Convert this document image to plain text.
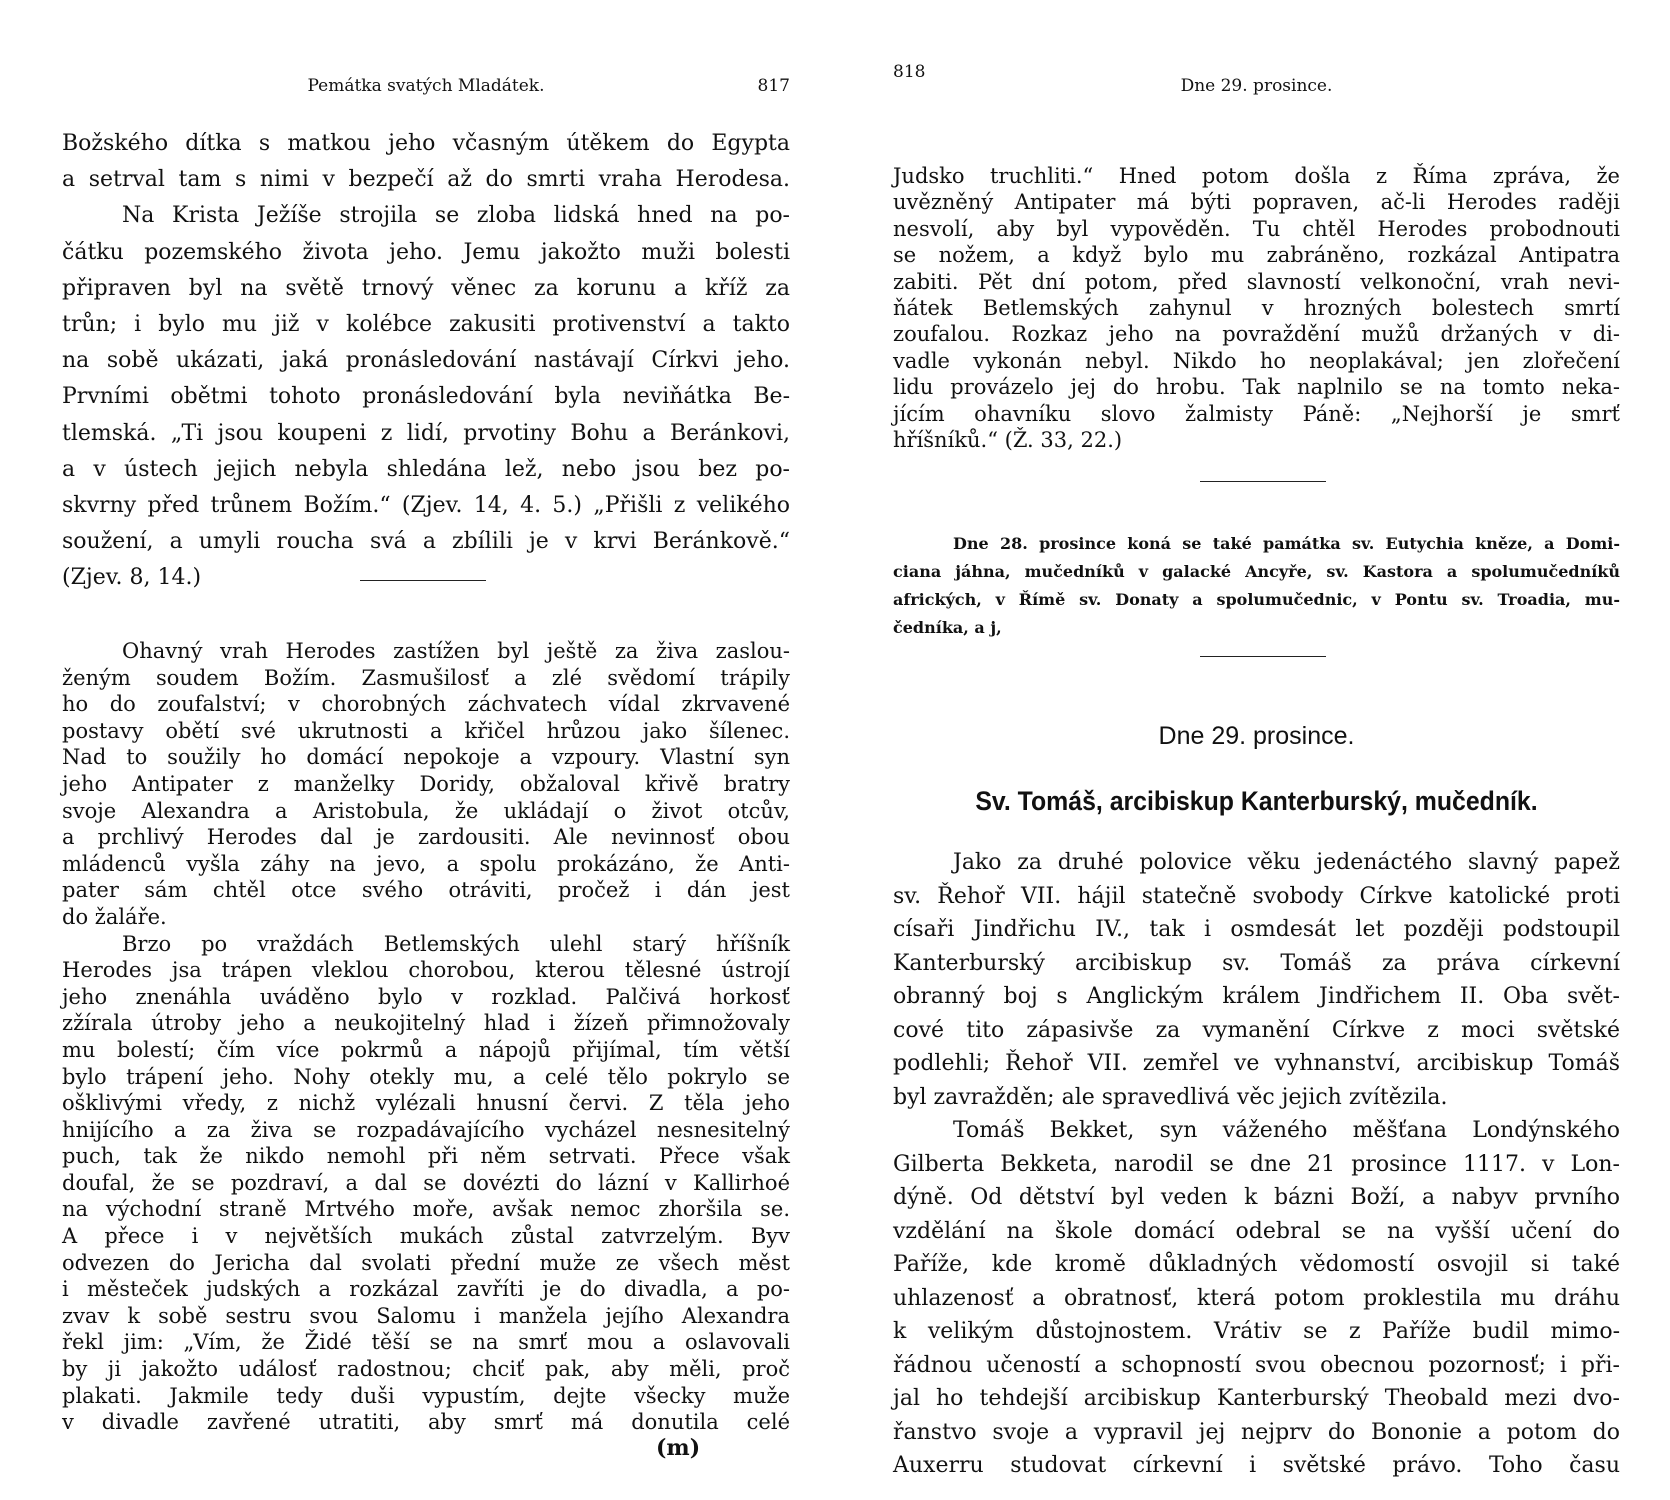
Pemátka svatých Mladátek.	817
Božského dítka s matkou jeho včasným útěkem do Egypta
a setrval tam s nimi v bezpečí až do smrti vraha Herodesa.
Na Krista Ježíše strojila se zloba lidská hned na po-
čátku pozemského života jeho. Jemu jakožto muži bolesti
připraven byl na světě trnový věnec za korunu a kříž za
trůn; i bylo mu již v kolébce zakusiti protivenství a takto
na sobě ukázati, jaká pronásledování nastávají Církvi jeho.
Prvními obětmi tohoto pronásledování byla neviňátka Be-
tlemská. „Ti jsou koupeni z lidí, prvotiny Bohu a Beránkovi,
a v ústech jejich nebyla shledána lež, nebo jsou bez po-
skvrny před trůnem Božím.“ (Zjev. 14, 4. 5.) „Přišli z velikého
soužení, a umyli roucha svá a zbílili je v krvi Beránkově.“
(Zjev. 8, 14.)
Ohavný vrah Herodes zastížen byl ještě za živa zaslou-
ženým soudem Božím. Zasmušilosť a zlé svědomí trápily
ho do zoufalství; v chorobných záchvatech vídal zkrvavené
postavy obětí své ukrutnosti a křičel hrůzou jako šílenec.
Nad to soužily ho domácí nepokoje a vzpoury. Vlastní syn
jeho Antipater z manželky Doridy, obžaloval křivě bratry
svoje Alexandra a Aristobula, že ukládají o život otcův,
a prchlivý Herodes dal je zardousiti. Ale nevinnosť obou
mládenců vyšla záhy na jevo, a spolu prokázáno, že Anti-
pater sám chtěl otce svého otráviti, pročež i dán jest
do žaláře.
Brzo po vraždách Betlemských ulehl starý hříšník
Herodes jsa trápen vleklou chorobou, kterou tělesné ústrojí
jeho znenáhla uváděno bylo v rozklad. Palčivá horkosť
zžírala útroby jeho a neukojitelný hlad i žízeň přimnožovaly
mu bolestí; čím více pokrmů a nápojů přijímal, tím větší
bylo trápení jeho. Nohy otekly mu, a celé tělo pokrylo se
ošklivými vředy, z nichž vylézali hnusní červi. Z těla jeho
hnijícího a za živa se rozpadávajícího vycházel nesnesitelný
puch, tak že nikdo nemohl při něm setrvati. Přece však
doufal, že se pozdraví, a dal se dovézti do lázní v Kallirhoé
na východní straně Mrtvého moře, avšak nemoc zhoršila se.
A přece i v největších mukách zůstal zatvrzelým. Byv
odvezen do Jericha dal svolati přední muže ze všech měst
i městeček judských a rozkázal zavříti je do divadla, a po-
zvav k sobě sestru svou Salomu i manžela jejího Alexandra
řekl jim: „Vím, že Židé těší se na smrť mou a oslavovali
by ji jakožto událosť radostnou; chciť pak, aby měli, proč
plakati. Jakmile tedy duši vypustím, dejte všecky muže
v divadle zavřené utratiti, aby smrť má donutila celé
(m)
818
Dne 29. prosince.
Judsko truchliti.“ Hned potom došla z Říma zpráva, že
uvězněný Antipater má býti popraven, ač-li Herodes raději
nesvolí, aby byl vypověděn. Tu chtěl Herodes probodnouti
se nožem, a když bylo mu zabráněno, rozkázal Antipatra
zabiti. Pět dní potom, před slavností velkonoční, vrah nevi-
ňátek Betlemských zahynul v hrozných bolestech smrtí
zoufalou. Rozkaz jeho na povraždění mužů držaných v di-
vadle vykonán nebyl. Nikdo ho neoplakával; jen zlořečení
lidu provázelo jej do hrobu. Tak naplnilo se na tomto neka-
jícím ohavníku slovo žalmisty Páně: „Nejhorší je smrť
hříšníků.“ (Ž. 33, 22.)
Dne 28. prosince koná se také památka sv. Eutychia kněze, a Domi-
ciana jáhna, mučedníků v galacké Ancyře, sv. Kastora a spolumučedníků
afrických, v Římě sv. Donaty a spolumučednic, v Pontu sv. Troadia, mu-
čedníka, a j,
Dne 29. prosince.
Sv. Tomáš, arcibiskup Kanterburský, mučedník.
Jako za druhé polovice věku jedenáctého slavný papež
sv. Řehoř VII. hájil statečně svobody Církve katolické proti
císaři Jindřichu IV., tak i osmdesát let později podstoupil
Kanterburský arcibiskup sv. Tomáš za práva církevní
obranný boj s Anglickým králem Jindřichem II. Oba svět-
cové tito zápasivše za vymanění Církve z moci světské
podlehli; Řehoř VII. zemřel ve vyhnanství, arcibiskup Tomáš
byl zavražděn; ale spravedlivá věc jejich zvítězila.
Tomáš Bekket, syn váženého měšťana Londýnského
Gilberta Bekketa, narodil se dne 21 prosince 1117. v Lon-
dýně. Od dětství byl veden k bázni Boží, a nabyv prvního
vzdělání na škole domácí odebral se na vyšší učení do
Paříže, kde kromě důkladných vědomostí osvojil si také
uhlazenosť a obratnosť, která potom proklestila mu dráhu
k velikým důstojnostem. Vrátiv se z Paříže budil mimo-
řádnou učeností a schopností svou obecnou pozornosť; i při-
jal ho tehdejší arcibiskup Kanterburský Theobald mezi dvo-
řanstvo svoje a vypravil jej nejprv do Bononie a potom do
Auxerru studovat církevní i světské právo. Toho času
